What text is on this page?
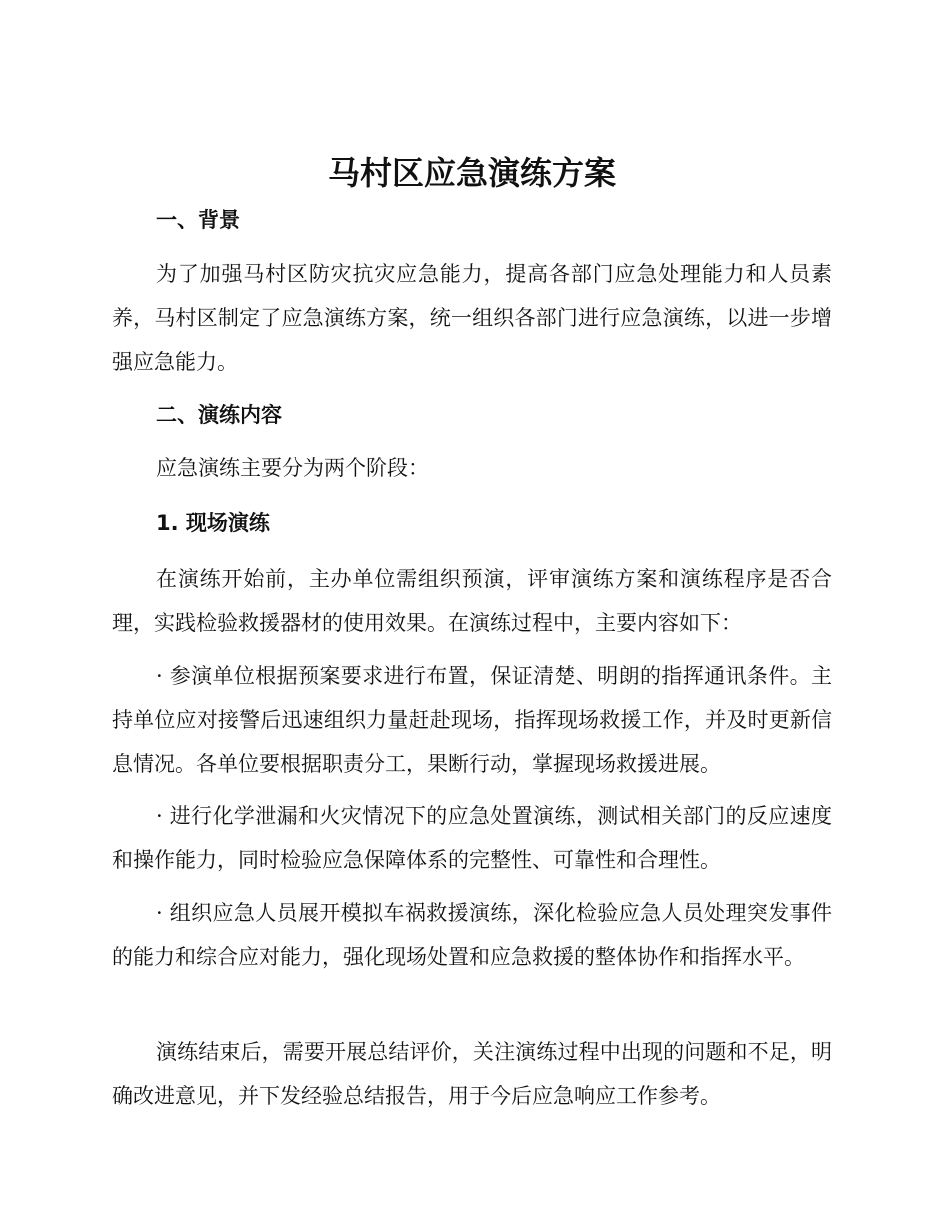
马村区应急演练方案
一、背景

为了加强马村区防灾抗灾应急能力，提高各部门应急处理能力和人员素养，马村区制定了应急演练方案，统一组织各部门进行应急演练，以进一步增强应急能力。

二、演练内容

应急演练主要分为两个阶段：

1. 现场演练

在演练开始前，主办单位需组织预演，评审演练方案和演练程序是否合理，实践检验救援器材的使用效果。在演练过程中，主要内容如下：

· 参演单位根据预案要求进行布置，保证清楚、明朗的指挥通讯条件。主持单位应对接警后迅速组织力量赶赴现场，指挥现场救援工作，并及时更新信息情况。各单位要根据职责分工，果断行动，掌握现场救援进展。

· 进行化学泄漏和火灾情况下的应急处置演练，测试相关部门的反应速度和操作能力，同时检验应急保障体系的完整性、可靠性和合理性。

· 组织应急人员展开模拟车祸救援演练，深化检验应急人员处理突发事件的能力和综合应对能力，强化现场处置和应急救援的整体协作和指挥水平。

演练结束后，需要开展总结评价，关注演练过程中出现的问题和不足，明确改进意见，并下发经验总结报告，用于今后应急响应工作参考。
